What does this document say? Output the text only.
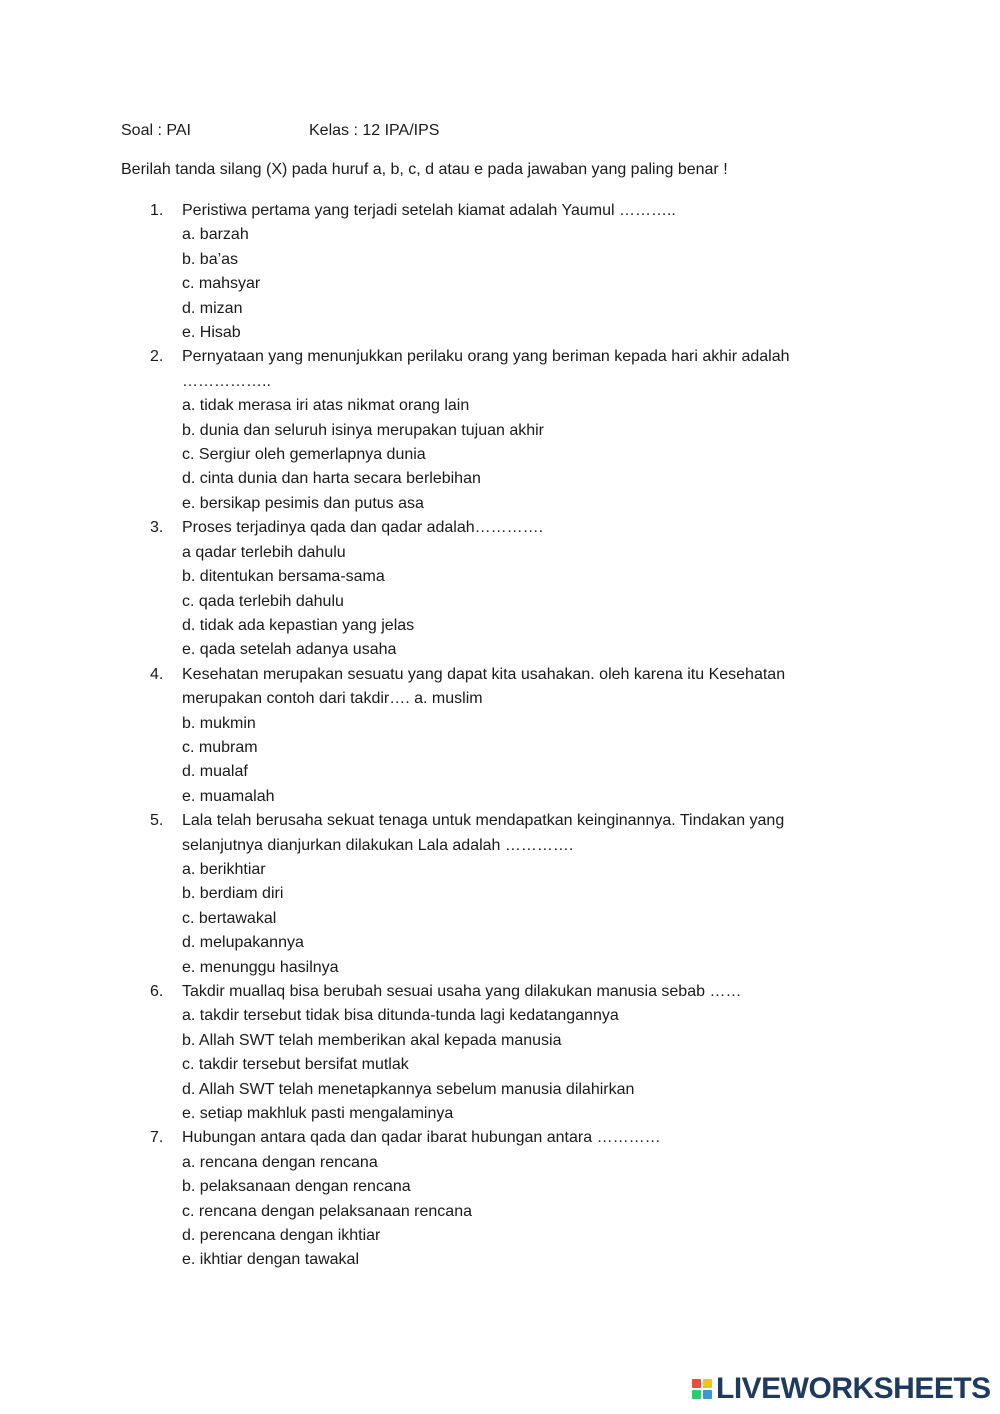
Soal : PAI	Kelas : 12 IPA/IPS
Berilah tanda silang (X) pada huruf a, b, c, d atau e pada jawaban yang paling benar !
1.	Peristiwa pertama yang terjadi setelah kiamat adalah Yaumul ………..
a. barzah
b. ba’as
c. mahsyar
d. mizan
e. Hisab
2.	Pernyataan yang menunjukkan perilaku orang yang beriman kepada hari akhir adalah ……………..
a. tidak merasa iri atas nikmat orang lain
b. dunia dan seluruh isinya merupakan tujuan akhir
c. Sergiur oleh gemerlapnya dunia
d. cinta dunia dan harta secara berlebihan
e. bersikap pesimis dan putus asa
3.	Proses terjadinya qada dan qadar adalah………….
a qadar terlebih dahulu
b. ditentukan bersama-sama
c. qada terlebih dahulu
d. tidak ada kepastian yang jelas
e. qada setelah adanya usaha
4.	Kesehatan merupakan sesuatu yang dapat kita usahakan. oleh karena itu Kesehatan merupakan contoh dari takdir…. a. muslim
b. mukmin
c. mubram
d. mualaf
e. muamalah
5.	Lala telah berusaha sekuat tenaga untuk mendapatkan keinginannya. Tindakan yang selanjutnya dianjurkan dilakukan Lala adalah ………….
a. berikhtiar
b. berdiam diri
c. bertawakal
d. melupakannya
e. menunggu hasilnya
6.	Takdir muallaq bisa berubah sesuai usaha yang dilakukan manusia sebab ……
a. takdir tersebut tidak bisa ditunda-tunda lagi kedatangannya
b. Allah SWT telah memberikan akal kepada manusia
c. takdir tersebut bersifat mutlak
d. Allah SWT telah menetapkannya sebelum manusia dilahirkan
e. setiap makhluk pasti mengalaminya
7.	Hubungan antara qada dan qadar ibarat hubungan antara …………
a. rencana dengan rencana
b. pelaksanaan dengan rencana
c. rencana dengan pelaksanaan rencana
d. perencana dengan ikhtiar
e. ikhtiar dengan tawakal
LIVEWORKSHEETS
